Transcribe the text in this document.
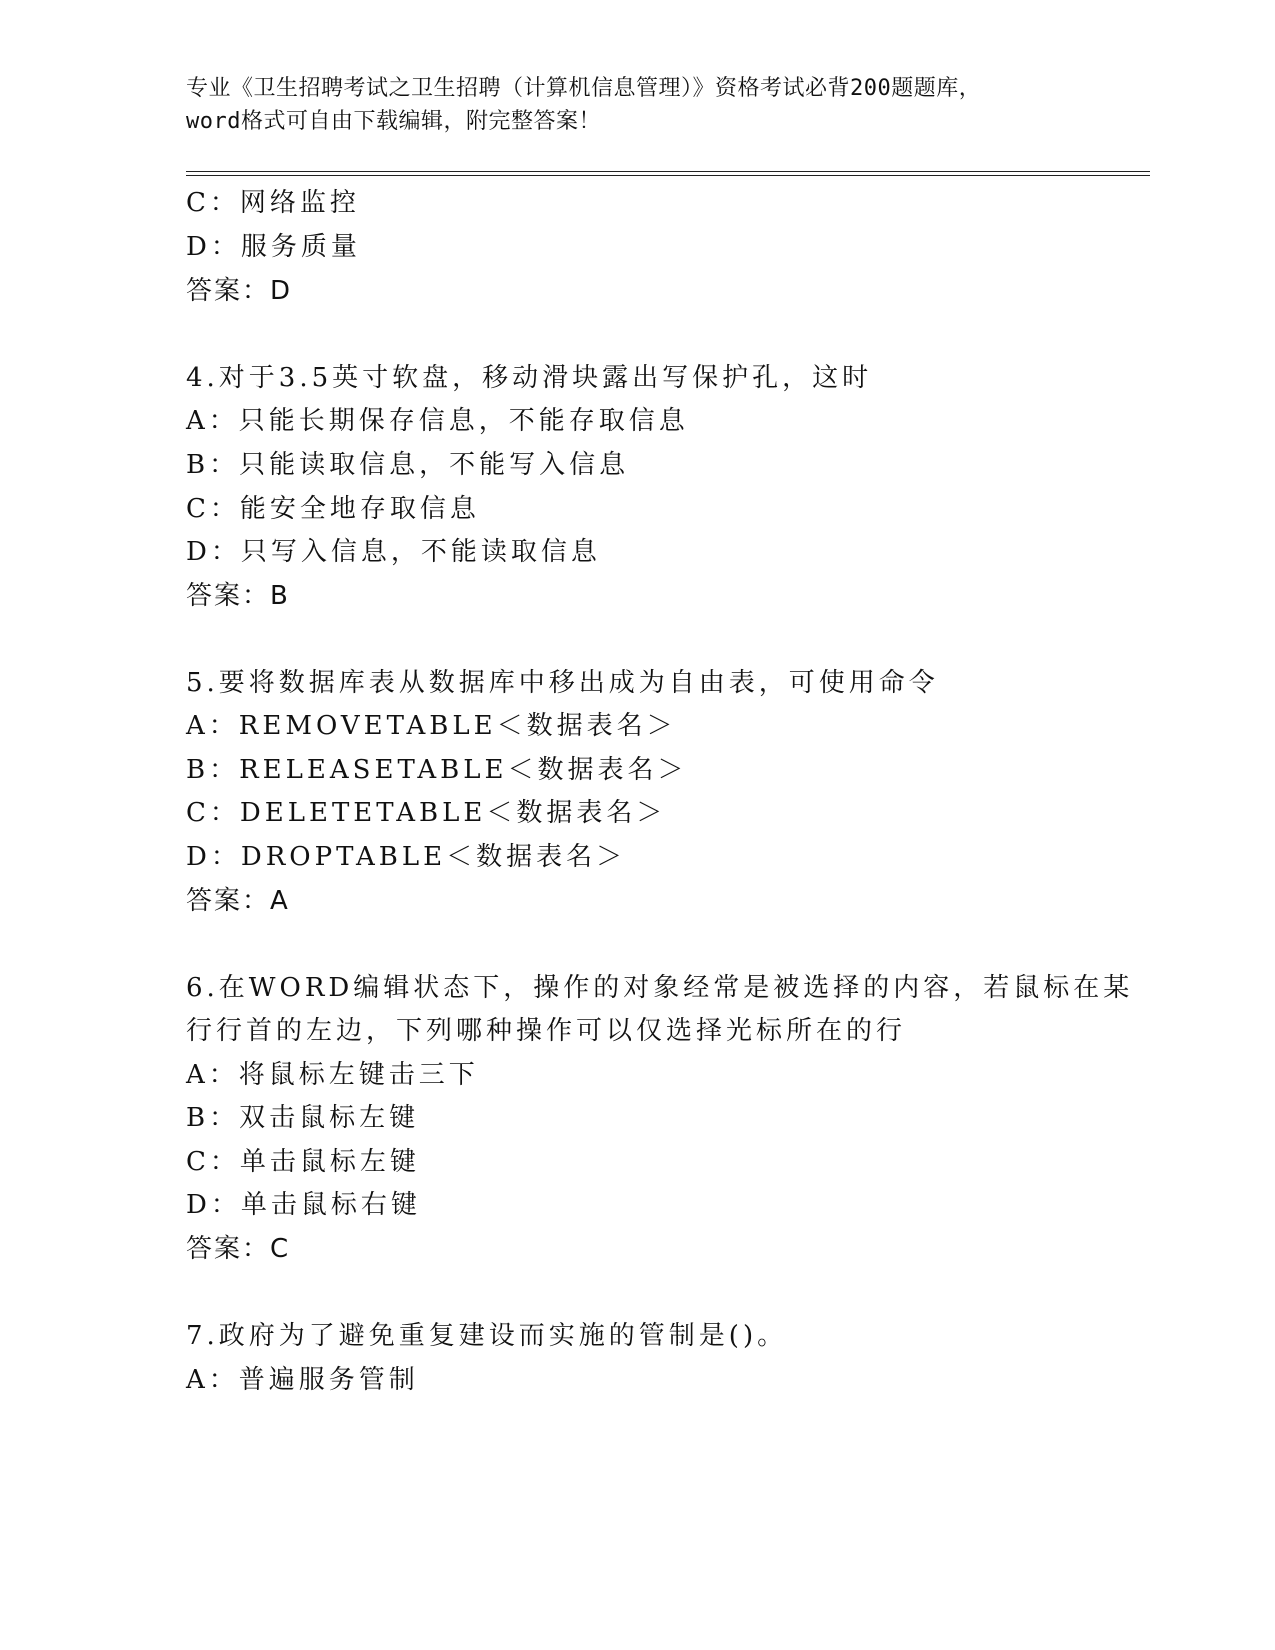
专业《卫生招聘考试之卫生招聘（计算机信息管理）》资格考试必背200题题库，
word格式可自由下载编辑，附完整答案！
C：网络监控
D：服务质量
答案：D
4.对于3.5英寸软盘，移动滑块露出写保护孔，这时
A：只能长期保存信息，不能存取信息
B：只能读取信息，不能写入信息
C：能安全地存取信息
D：只写入信息，不能读取信息
答案：B
5.要将数据库表从数据库中移出成为自由表，可使用命令
A：REMOVETABLE＜数据表名＞
B：RELEASETABLE＜数据表名＞
C：DELETETABLE＜数据表名＞
D：DROPTABLE＜数据表名＞
答案：A
6.在WORD编辑状态下，操作的对象经常是被选择的内容，若鼠标在某
行行首的左边，下列哪种操作可以仅选择光标所在的行
A：将鼠标左键击三下
B：双击鼠标左键
C：单击鼠标左键
D：单击鼠标右键
答案：C
7.政府为了避免重复建设而实施的管制是()。
A：普遍服务管制
